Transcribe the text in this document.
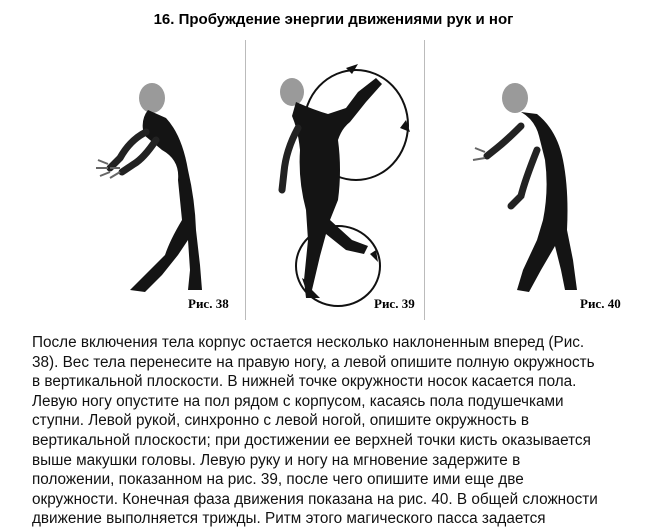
16. Пробуждение энергии движениями рук и ног
Рис. 38	Рис. 39	Рис. 40
После включения тела корпус остается несколько наклоненным вперед (Рис.
38). Вес тела перенесите на правую ногу, а левой опишите полную окружность
в вертикальной плоскости. В нижней точке окружности носок касается пола.
Левую ногу опустите на пол рядом с корпусом, касаясь пола подушечками
ступни. Левой рукой, синхронно с левой ногой, опишите окружность в
вертикальной плоскости; при достижении ее верхней точки кисть оказывается
выше макушки головы. Левую руку и ногу на мгновение задержите в
положении, показанном на рис. 39, после чего опишите ими еще две
окружности. Конечная фаза движения показана на рис. 40. В общей сложности
движение выполняется трижды. Ритм этого магического пасса задается
